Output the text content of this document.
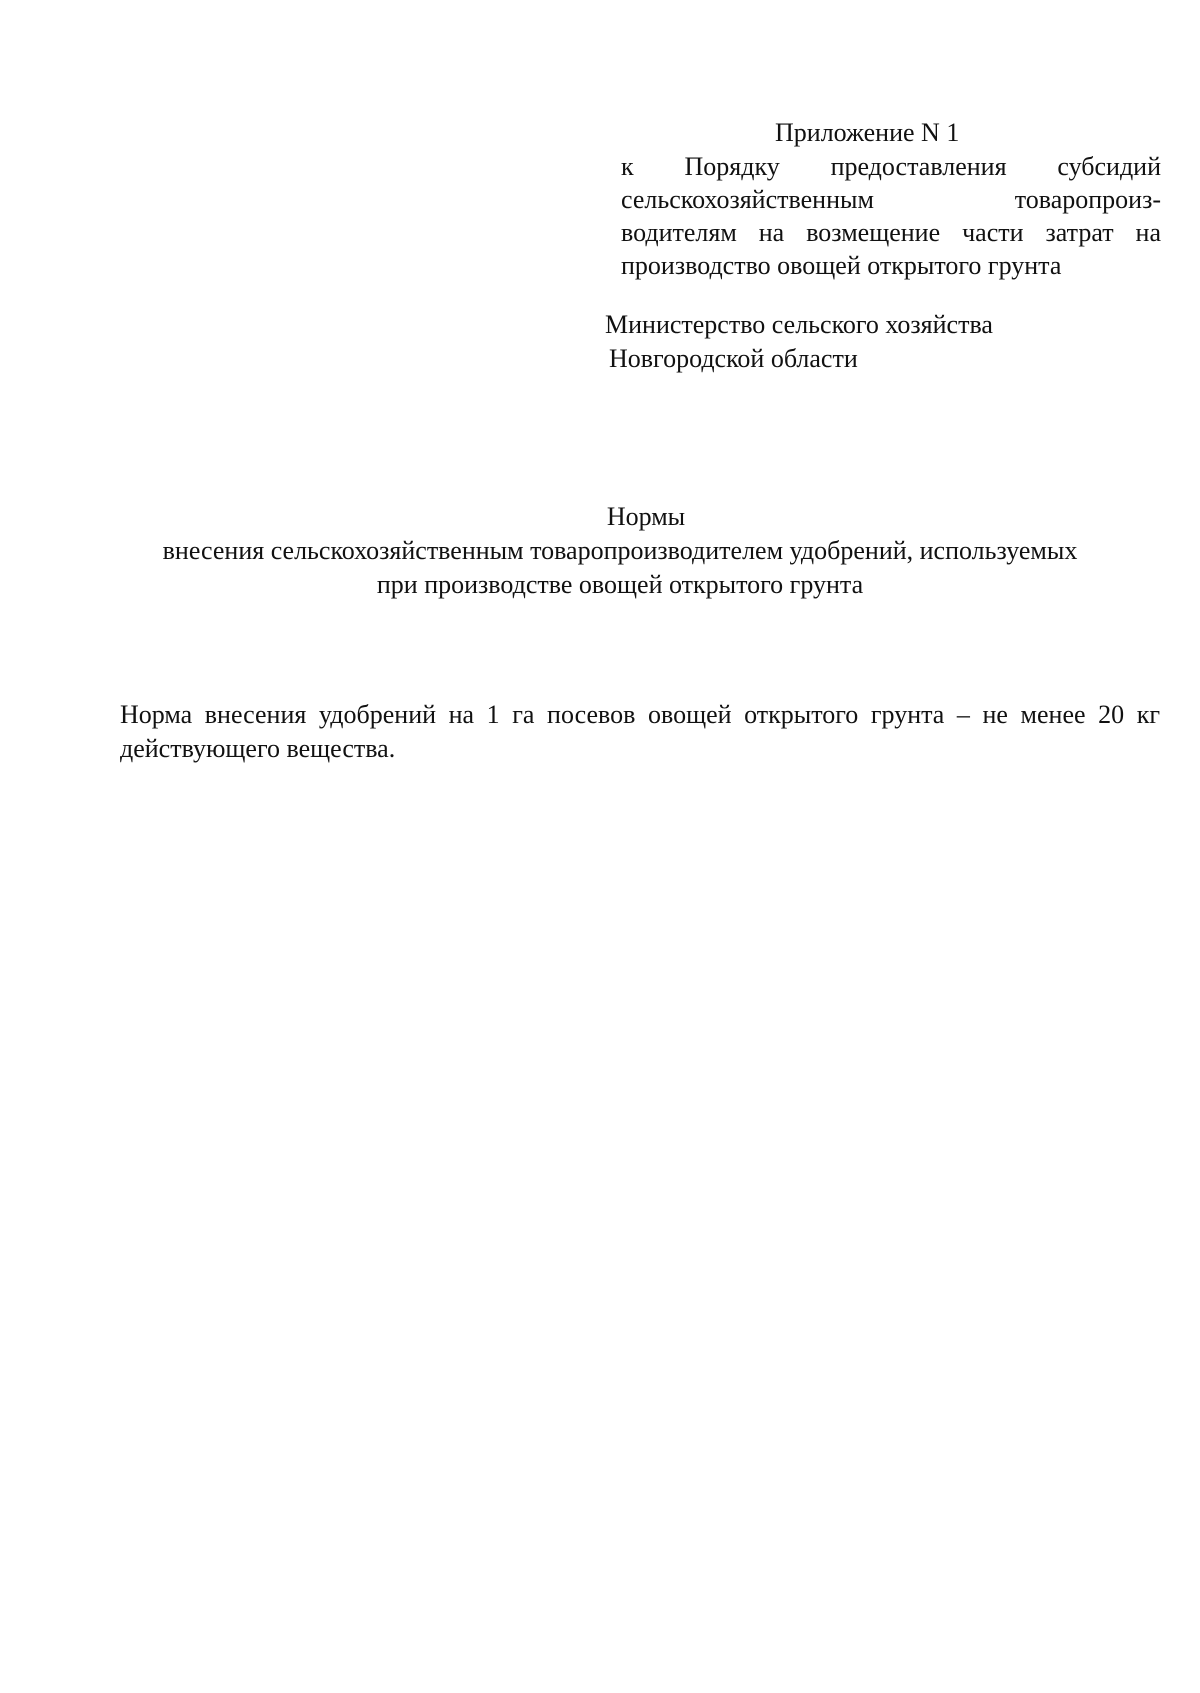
Приложение N 1
к Порядку предоставления субсидий
сельскохозяйственным товаропроиз-
водителям на возмещение части затрат на
производство овощей открытого грунта
Министерство сельского хозяйства
Новгородской области
Нормы
внесения сельскохозяйственным товаропроизводителем удобрений, используемых
при производстве овощей открытого грунта
Норма внесения удобрений на 1 га посевов овощей открытого грунта – не менее 20 кг
действующего вещества.
